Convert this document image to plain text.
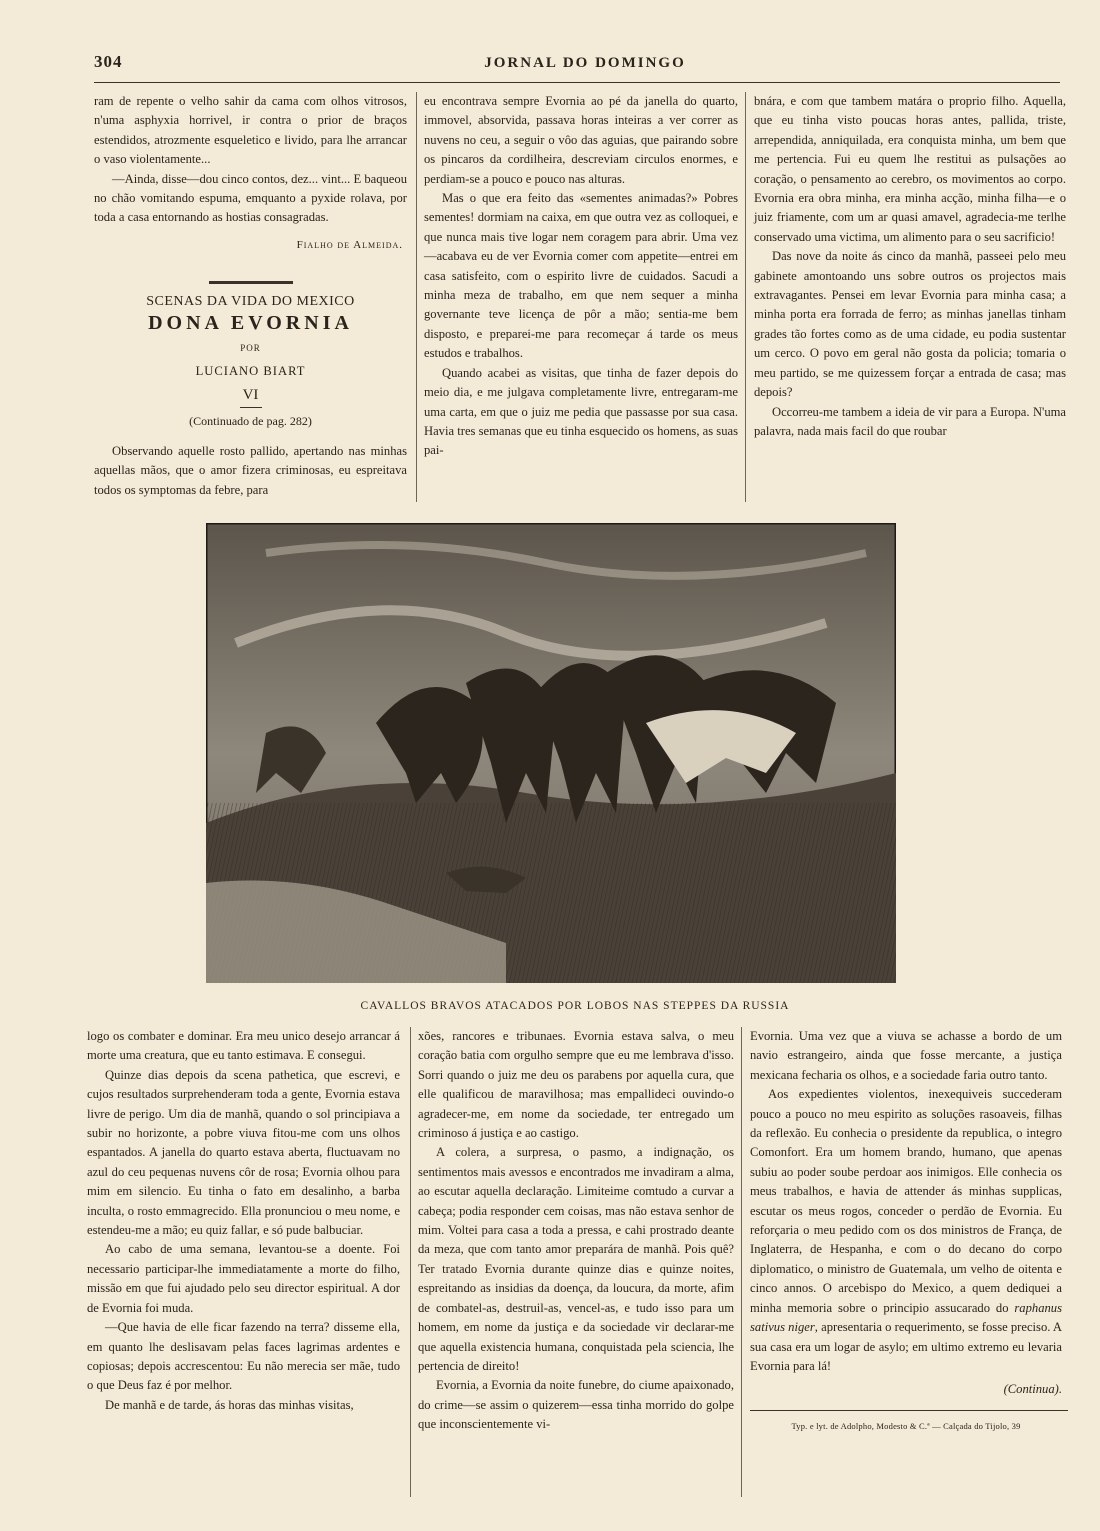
304	JORNAL DO DOMINGO

ram de repente o velho sahir da cama com olhos vitrosos, n'uma asphyxia horrivel, ir contra o prior de braços estendidos, atrozmente esqueletico e livido, para lhe arrancar o vaso violentamente...

—Ainda, disse—dou cinco contos, dez... vint... E baqueou no chão vomitando espuma, emquanto a pyxide rolava, por toda a casa entornando as hostias consagradas.

Fialho de Almeida.
SCENAS DA VIDA DO MEXICO
DONA EVORNIA
POR
LUCIANO BIART
VI
(Continuado de pag. 282)

Observando aquelle rosto pallido, apertando nas minhas aquellas mãos, que o amor fizera criminosas, eu espreitava todos os symptomas da febre, para

eu encontrava sempre Evornia ao pé da janella do quarto, immovel, absorvida, passava horas inteiras a ver correr as nuvens no ceu, a seguir o vôo das aguias, que pairando sobre os pincaros da cordilheira, descreviam circulos enormes, e perdiam-se a pouco e pouco nas alturas.

Mas o que era feito das «sementes animadas?» Pobres sementes! dormiam na caixa, em que outra vez as colloquei, e que nunca mais tive logar nem coragem para abrir. Uma vez—acabava eu de ver Evornia comer com appetite—entrei em casa satisfeito, com o espirito livre de cuidados. Sacudi a minha meza de trabalho, em que nem sequer a minha governante teve licença de pôr a mão; sentia-me bem disposto, e preparei-me para recomeçar á tarde os meus estudos e trabalhos.

Quando acabei as visitas, que tinha de fazer depois do meio dia, e me julgava completamente livre, entregaram-me uma carta, em que o juiz me pedia que passasse por sua casa. Havia tres semanas que eu tinha esquecido os homens, as suas pai-

bnára, e com que tambem matára o proprio filho. Aquella, que eu tinha visto poucas horas antes, pallida, triste, arrependida, anniquilada, era conquista minha, um bem que me pertencia. Fui eu quem lhe restitui as pulsações ao coração, o pensamento ao cerebro, os movimentos ao corpo. Evornia era obra minha, era minha acção, minha filha—e o juiz friamente, com um ar quasi amavel, agradecia-me terlhe conservado uma victima, um alimento para o seu sacrificio!

Das nove da noite ás cinco da manhã, passeei pelo meu gabinete amontoando uns sobre outros os projectos mais extravagantes. Pensei em levar Evornia para minha casa; a minha porta era forrada de ferro; as minhas janellas tinham grades tão fortes como as de uma cidade, eu podia sustentar um cerco. O povo em geral não gosta da policia; tomaria o meu partido, se me quizessem forçar a entrada de casa; mas depois?

Occorreu-me tambem a ideia de vir para a Europa. N'uma palavra, nada mais facil do que roubar

CAVALLOS BRAVOS ATACADOS POR LOBOS NAS STEPPES DA RUSSIA

logo os combater e dominar. Era meu unico desejo arrancar á morte uma creatura, que eu tanto estimava. E consegui.

Quinze dias depois da scena pathetica, que escrevi, e cujos resultados surprehenderam toda a gente, Evornia estava livre de perigo. Um dia de manhã, quando o sol principiava a subir no horizonte, a pobre viuva fitou-me com uns olhos espantados. A janella do quarto estava aberta, fluctuavam no azul do ceu pequenas nuvens côr de rosa; Evornia olhou para mim em silencio. Eu tinha o fato em desalinho, a barba inculta, o rosto emmagrecido. Ella pronunciou o meu nome, e estendeu-me a mão; eu quiz fallar, e só pude balbuciar.

Ao cabo de uma semana, levantou-se a doente. Foi necessario participar-lhe immediatamente a morte do filho, missão em que fui ajudado pelo seu director espiritual. A dor de Evornia foi muda.

—Que havia de elle ficar fazendo na terra? disseme ella, em quanto lhe deslisavam pelas faces lagrimas ardentes e copiosas; depois accrescentou: Eu não merecia ser mãe, tudo o que Deus faz é por melhor.

De manhã e de tarde, ás horas das minhas visitas,

xões, rancores e tribunaes. Evornia estava salva, o meu coração batia com orgulho sempre que eu me lembrava d'isso. Sorri quando o juiz me deu os parabens por aquella cura, que elle qualificou de maravilhosa; mas empallideci ouvindo-o agradecer-me, em nome da sociedade, ter entregado um criminoso á justiça e ao castigo.

A colera, a surpresa, o pasmo, a indignação, os sentimentos mais avessos e encontrados me invadiram a alma, ao escutar aquella declaração. Limiteime comtudo a curvar a cabeça; podia responder cem coisas, mas não estava senhor de mim. Voltei para casa a toda a pressa, e cahi prostrado deante da meza, que com tanto amor preparára de manhã. Pois quê? Ter tratado Evornia durante quinze dias e quinze noites, espreitando as insidias da doença, da loucura, da morte, afim de combatel-as, destruil-as, vencel-as, e tudo isso para um homem, em nome da justiça e da sociedade vir declarar-me que aquella existencia humana, conquistada pela sciencia, lhe pertencia de direito!

Evornia, a Evornia da noite funebre, do ciume apaixonado, do crime—se assim o quizerem—essa tinha morrido do golpe que inconscientemente vi-

Evornia. Uma vez que a viuva se achasse a bordo de um navio estrangeiro, ainda que fosse mercante, a justiça mexicana fecharia os olhos, e a sociedade faria outro tanto.

Aos expedientes violentos, inexequiveis succederam pouco a pouco no meu espirito as soluções rasoaveis, filhas da reflexão. Eu conhecia o presidente da republica, o integro Comonfort. Era um homem brando, humano, que apenas subiu ao poder soube perdoar aos inimigos. Elle conhecia os meus trabalhos, e havia de attender ás minhas supplicas, escutar os meus rogos, conceder o perdão de Evornia. Eu reforçaria o meu pedido com os dos ministros de França, de Inglaterra, de Hespanha, e com o do decano do corpo diplomatico, o ministro de Guatemala, um velho de oitenta e cinco annos. O arcebispo do Mexico, a quem dediquei a minha memoria sobre o principio assucarado do raphanus sativus niger, apresentaria o requerimento, se fosse preciso. A sua casa era um logar de asylo; em ultimo extremo eu levaria Evornia para lá!

(Continua).
Typ. e lyt. de Adolpho, Modesto & C.ª — Calçada do Tijolo, 39
